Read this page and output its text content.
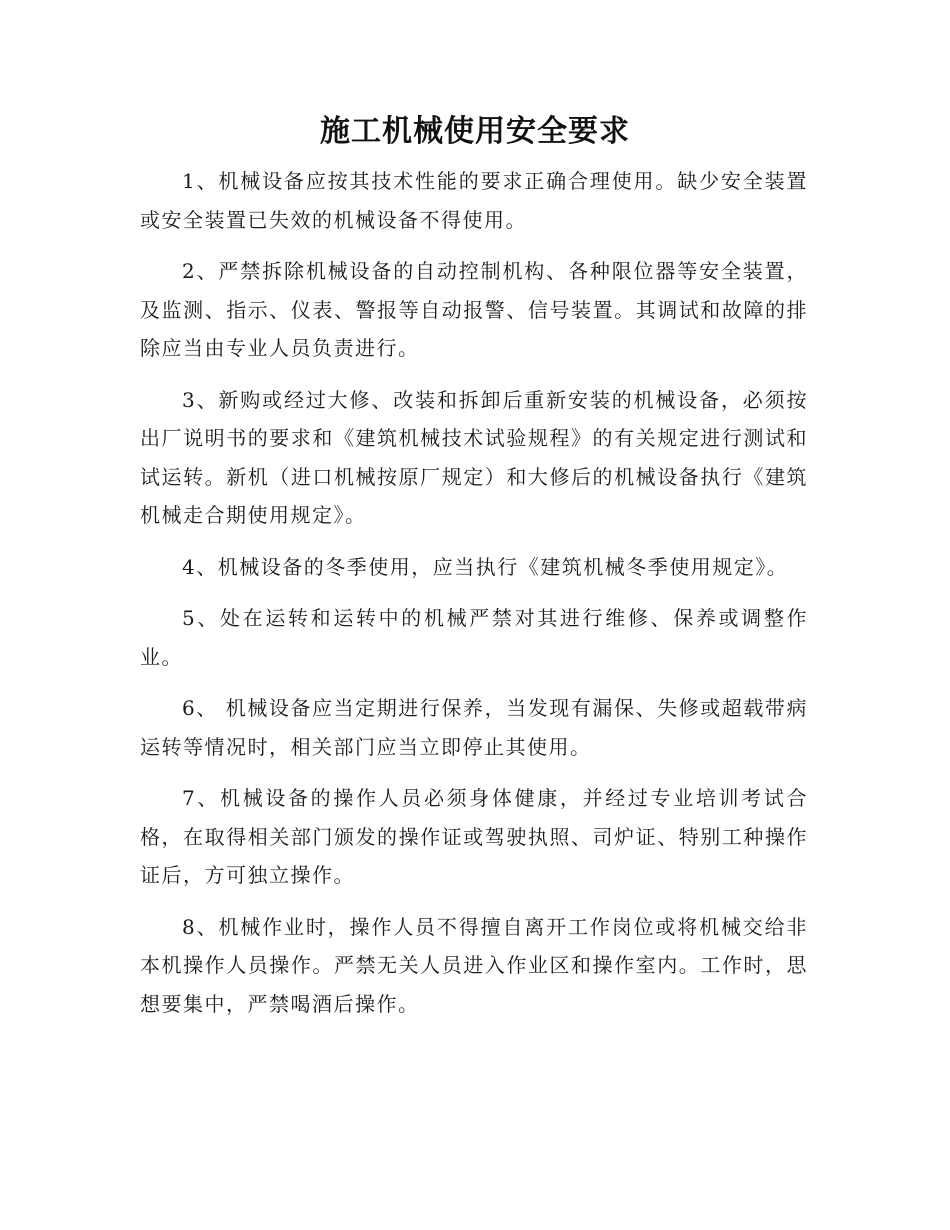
施工机械使用安全要求

1、机械设备应按其技术性能的要求正确合理使用。缺少安全装置或安全装置已失效的机械设备不得使用。

2、严禁拆除机械设备的自动控制机构、各种限位器等安全装置，及监测、指示、仪表、警报等自动报警、信号装置。其调试和故障的排除应当由专业人员负责进行。

3、新购或经过大修、改装和拆卸后重新安装的机械设备，必须按出厂说明书的要求和《建筑机械技术试验规程》的有关规定进行测试和试运转。新机（进口机械按原厂规定）和大修后的机械设备执行《建筑机械走合期使用规定》。

4、机械设备的冬季使用，应当执行《建筑机械冬季使用规定》。

5、处在运转和运转中的机械严禁对其进行维修、保养或调整作业。

6、 机械设备应当定期进行保养，当发现有漏保、失修或超载带病运转等情况时，相关部门应当立即停止其使用。

7、机械设备的操作人员必须身体健康，并经过专业培训考试合格，在取得相关部门颁发的操作证或驾驶执照、司炉证、特别工种操作证后，方可独立操作。

8、机械作业时，操作人员不得擅自离开工作岗位或将机械交给非本机操作人员操作。严禁无关人员进入作业区和操作室内。工作时，思想要集中，严禁喝酒后操作。
